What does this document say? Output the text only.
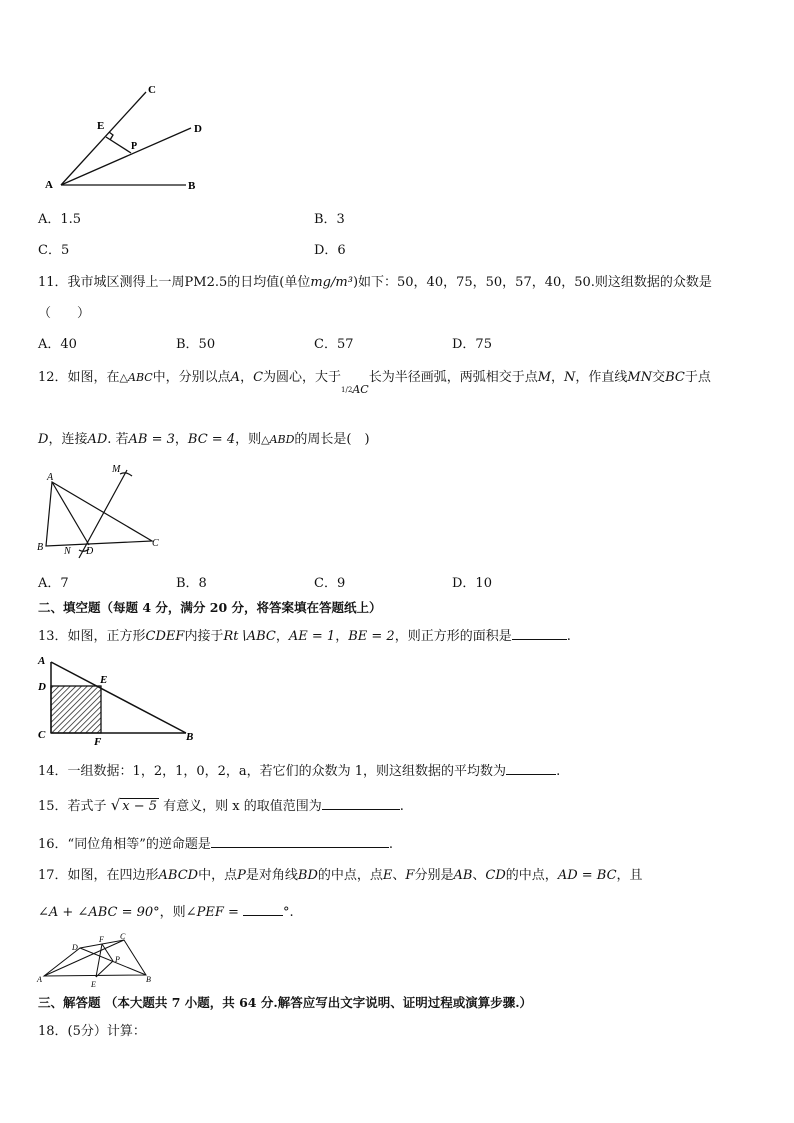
C
E	D
P
A	B
A．1.5	B．3
C．5	D．6
11．我市城区测得上一周PM2.5的日均值(单位mg/m³)如下：50，40，75，50，57，40，50.则这组数据的众数是
（　　）
A．40	B．50	C．57	D．75
12．如图，在△ABC中，分别以点A，C为圆心，大于$1/2_{AC}$长为半径画弧，两弧相交于点M，N，作直线MN交BC于点
D，连接AD. 若AB = 3，BC = 4，则△ABD的周长是(　)
A
M
B N D
C
A．7	B．8	C．9	D．10
二、填空题（每题 4 分，满分 20 分，将答案填在答题纸上）
13．如图，正方形CDEF内接于Rt∖ABC，AE = 1，BE = 2，则正方形的面积是	.
A
D
E
C
F	B
14．一组数据：1，2，1，0，2，a，若它们的众数为 1，则这组数据的平均数为	.
15．若式子 √ x − 5 有意义，则 x 的取值范围为	.
16．“同位角相等”的逆命题是	.
17．如图，在四边形ABCD中，点P是对角线BD的中点，点E、F分别是AB、CD的中点，AD = BC，且
∠A + ∠ABC = 90°，则∠PEF =	°.
D
F C
P
A
E
B
三、解答题 （本大题共 7 小题，共 64 分.解答应写出文字说明、证明过程或演算步骤.）
18．(5分）计算：
